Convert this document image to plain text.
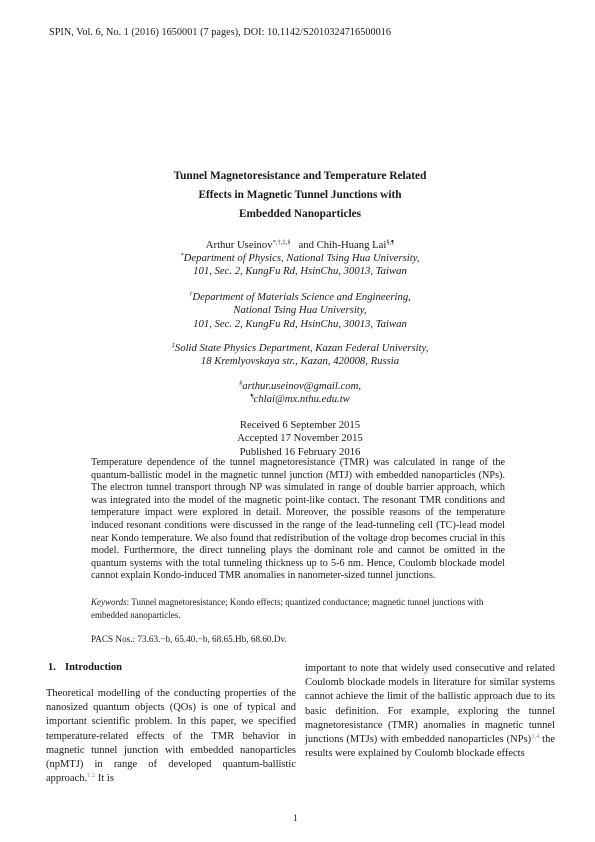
SPIN, Vol. 6, No. 1 (2016) 1650001 (7 pages), DOI: 10.1142/S2010324716500016
Tunnel Magnetoresistance and Temperature Related
Effects in Magnetic Tunnel Junctions with
Embedded Nanoparticles
Arthur Useinov*,†,‡,§ and Chih-Huang Lai§,¶
*Department of Physics, National Tsing Hua University,
101, Sec. 2, KungFu Rd, HsinChu, 30013, Taiwan
†Department of Materials Science and Engineering,
National Tsing Hua University,
101, Sec. 2, KungFu Rd, HsinChu, 30013, Taiwan
‡Solid State Physics Department, Kazan Federal University,
18 Kremlyovskaya str., Kazan, 420008, Russia
§arthur.useinov@gmail.com,
¶chlai@mx.nthu.edu.tw
Received 6 September 2015
Accepted 17 November 2015
Published 16 February 2016
Temperature dependence of the tunnel magnetoresistance (TMR) was calculated in range of the quantum-ballistic model in the magnetic tunnel junction (MTJ) with embedded nanoparticles (NPs). The electron tunnel transport through NP was simulated in range of double barrier approach, which was integrated into the model of the magnetic point-like contact. The resonant TMR conditions and temperature impact were explored in detail. Moreover, the possible reasons of the temperature induced resonant conditions were discussed in the range of the lead-tunneling cell (TC)-lead model near Kondo temperature. We also found that redistribution of the voltage drop becomes crucial in this model. Furthermore, the direct tunneling plays the dominant role and cannot be omitted in the quantum systems with the total tunneling thickness up to 5-6 nm. Hence, Coulomb blockade model cannot explain Kondo-induced TMR anomalies in nanometer-sized tunnel junctions.
Keywords: Tunnel magnetoresistance; Kondo effects; quantized conductance; magnetic tunnel junctions with embedded nanoparticles.
PACS Nos.: 73.63.−b, 65.40.−b, 68.65.Hb, 68.60.Dv.
1. Introduction
Theoretical modelling of the conducting properties of the nanosized quantum objects (QOs) is one of typical and important scientific problem. In this paper, we specified temperature-related effects of the TMR behavior in magnetic tunnel junction with embedded nanoparticles (npMTJ) in range of developed quantum-ballistic approach.$^{1,2}$ It is
important to note that widely used consecutive and related Coulomb blockade models in literature for similar systems cannot achieve the limit of the ballistic approach due to its basic definition. For example, exploring the tunnel magnetoresistance (TMR) anomalies in magnetic tunnel junctions (MTJs) with embedded nanoparticles (NPs)$^{3,4}$ the results were explained by Coulomb blockade effects
1
